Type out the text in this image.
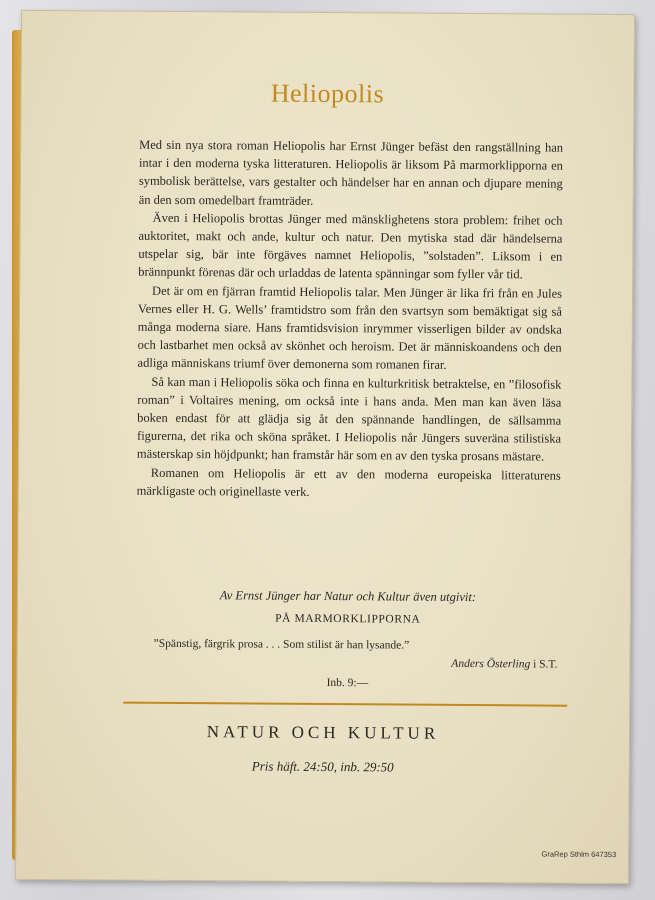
Heliopolis

Med sin nya stora roman Heliopolis har Ernst Jünger befäst den rangställning han intar i den moderna tyska litteraturen. Heliopolis är liksom På marmorklipporna en symbolisk berättelse, vars gestalter och händelser har en annan och djupare mening än den som omedelbart framträder.

Även i Heliopolis brottas Jünger med mänsklighetens stora problem: frihet och auktoritet, makt och ande, kultur och natur. Den mytiska stad där händelserna utspelar sig, bär inte förgäves namnet Heliopolis, ”solstaden”. Liksom i en brännpunkt förenas där och urladdas de latenta spänningar som fyller vår tid.

Det är om en fjärran framtid Heliopolis talar. Men Jünger är lika fri från en Jules Vernes eller H. G. Wells’ framtidstro som från den svartsyn som bemäktigat sig så många moderna siare. Hans framtidsvision inrymmer visserligen bilder av ondska och lastbarhet men också av skönhet och heroism. Det är människoandens och den adliga människans triumf över demonerna som romanen firar.

Så kan man i Heliopolis söka och finna en kulturkritisk betraktelse, en ”filosofisk roman” i Voltaires mening, om också inte i hans anda. Men man kan även läsa boken endast för att glädja sig åt den spännande handlingen, de sällsamma figurerna, det rika och sköna språket. I Heliopolis når Jüngers suveräna stilistiska mästerskap sin höjdpunkt; han framstår här som en av den tyska prosans mästare.

Romanen om Heliopolis är ett av den moderna europeiska litteraturens märkligaste och originellaste verk.

Av Ernst Jünger har Natur och Kultur även utgivit:
PÅ MARMORKLIPPORNA
”Spänstig, färgrik prosa . . . Som stilist är han lysande.”
Anders Österling i S.T.
Inb. 9:—
NATUR OCH KULTUR
Pris häft. 24:50, inb. 29:50
GraRep Sthlm 647353
